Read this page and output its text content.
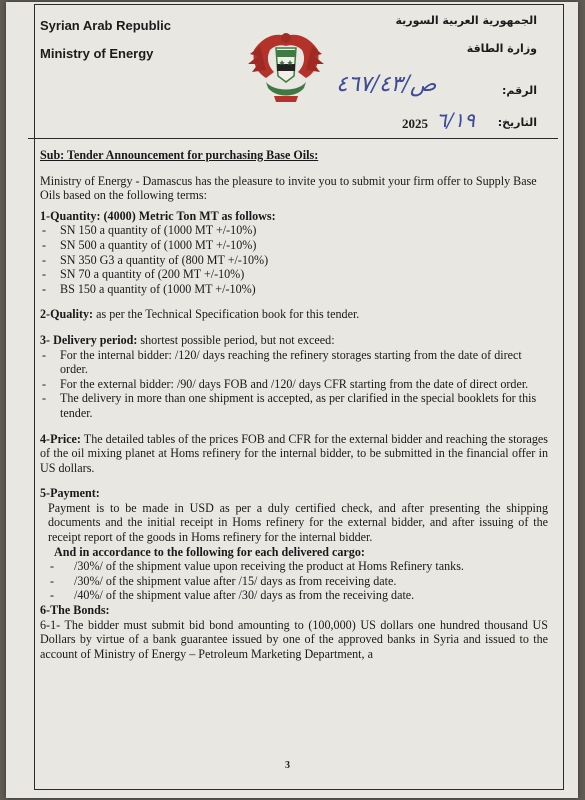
Syrian Arab Republic
Ministry of Energy
الجمهورية العربية السورية
وزارة الطاقة
الرقم:
التاريخ:
ص/٤٦٧/٤٣
2025 ٦/١٩

Sub: Tender Announcement for purchasing Base Oils:

Ministry of Energy - Damascus has the pleasure to invite you to submit your firm offer to Supply Base Oils based on the following terms:

1-Quantity: (4000) Metric Ton MT as follows:

- SN 150 a quantity of (1000 MT +/-10%)
- SN 500 a quantity of (1000 MT +/-10%)
- SN 350 G3 a quantity of (800 MT +/-10%)
- SN 70 a quantity of (200 MT +/-10%)
- BS 150 a quantity of (1000 MT +/-10%)

2-Quality: as per the Technical Specification book for this tender.

3- Delivery period: shortest possible period, but not exceed:

- For the internal bidder: /120/ days reaching the refinery storages starting from the date of direct order.
- For the external bidder: /90/ days FOB and /120/ days CFR starting from the date of direct order.
- The delivery in more than one shipment is accepted, as per clarified in the special booklets for this tender.

4-Price: The detailed tables of the prices FOB and CFR for the external bidder and reaching the storages of the oil mixing planet at Homs refinery for the internal bidder, to be submitted in the financial offer in US dollars.

5-Payment:

Payment is to be made in USD as per a duly certified check, and after presenting the shipping documents and the initial receipt in Homs refinery for the external bidder, and after issuing of the receipt report of the goods in Homs refinery for the internal bidder.

And in accordance to the following for each delivered cargo:

- /30%/ of the shipment value upon receiving the product at Homs Refinery tanks.
- /30%/ of the shipment value after /15/ days as from receiving date.
- /40%/ of the shipment value after /30/ days as from the receiving date.

6-The Bonds:

6-1- The bidder must submit bid bond amounting to (100,000) US dollars one hundred thousand US Dollars by virtue of a bank guarantee issued by one of the approved banks in Syria and issued to the account of Ministry of Energy – Petroleum Marketing Department, a

3
